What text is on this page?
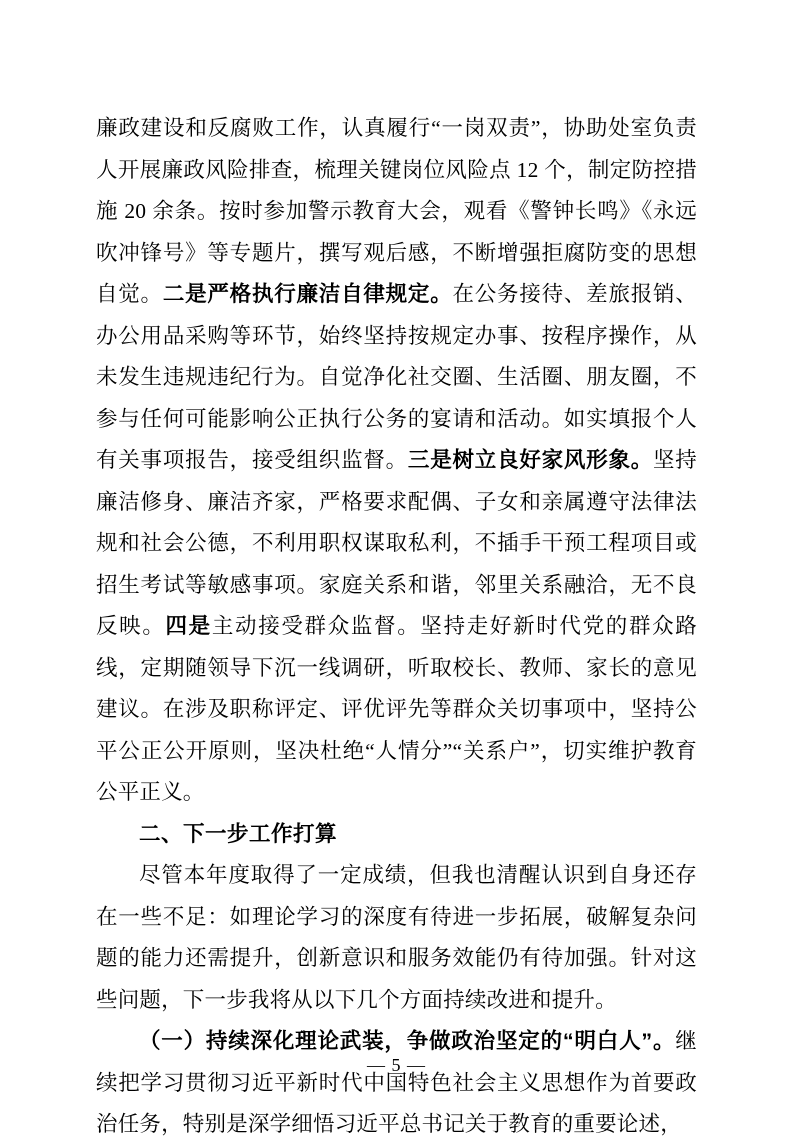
廉政建设和反腐败工作，认真履行“一岗双责”，协助处室负责人开展廉政风险排查，梳理关键岗位风险点 12 个，制定防控措施 20 余条。按时参加警示教育大会，观看《警钟长鸣》《永远吹冲锋号》等专题片，撰写观后感，不断增强拒腐防变的思想自觉。二是严格执行廉洁自律规定。在公务接待、差旅报销、办公用品采购等环节，始终坚持按规定办事、按程序操作，从未发生违规违纪行为。自觉净化社交圈、生活圈、朋友圈，不参与任何可能影响公正执行公务的宴请和活动。如实填报个人有关事项报告，接受组织监督。三是树立良好家风形象。坚持廉洁修身、廉洁齐家，严格要求配偶、子女和亲属遵守法律法规和社会公德，不利用职权谋取私利，不插手干预工程项目或招生考试等敏感事项。家庭关系和谐，邻里关系融洽，无不良反映。四是主动接受群众监督。坚持走好新时代党的群众路线，定期随领导下沉一线调研，听取校长、教师、家长的意见建议。在涉及职称评定、评优评先等群众关切事项中，坚持公平公正公开原则，坚决杜绝“人情分”“关系户”，切实维护教育公平正义。

二、下一步工作打算

尽管本年度取得了一定成绩，但我也清醒认识到自身还存在一些不足：如理论学习的深度有待进一步拓展，破解复杂问题的能力还需提升，创新意识和服务效能仍有待加强。针对这些问题，下一步我将从以下几个方面持续改进和提升。

（一）持续深化理论武装，争做政治坚定的“明白人”。继续把学习贯彻习近平新时代中国特色社会主义思想作为首要政治任务，特别是深学细悟习近平总书记关于教育的重要论述，

— 5 —
